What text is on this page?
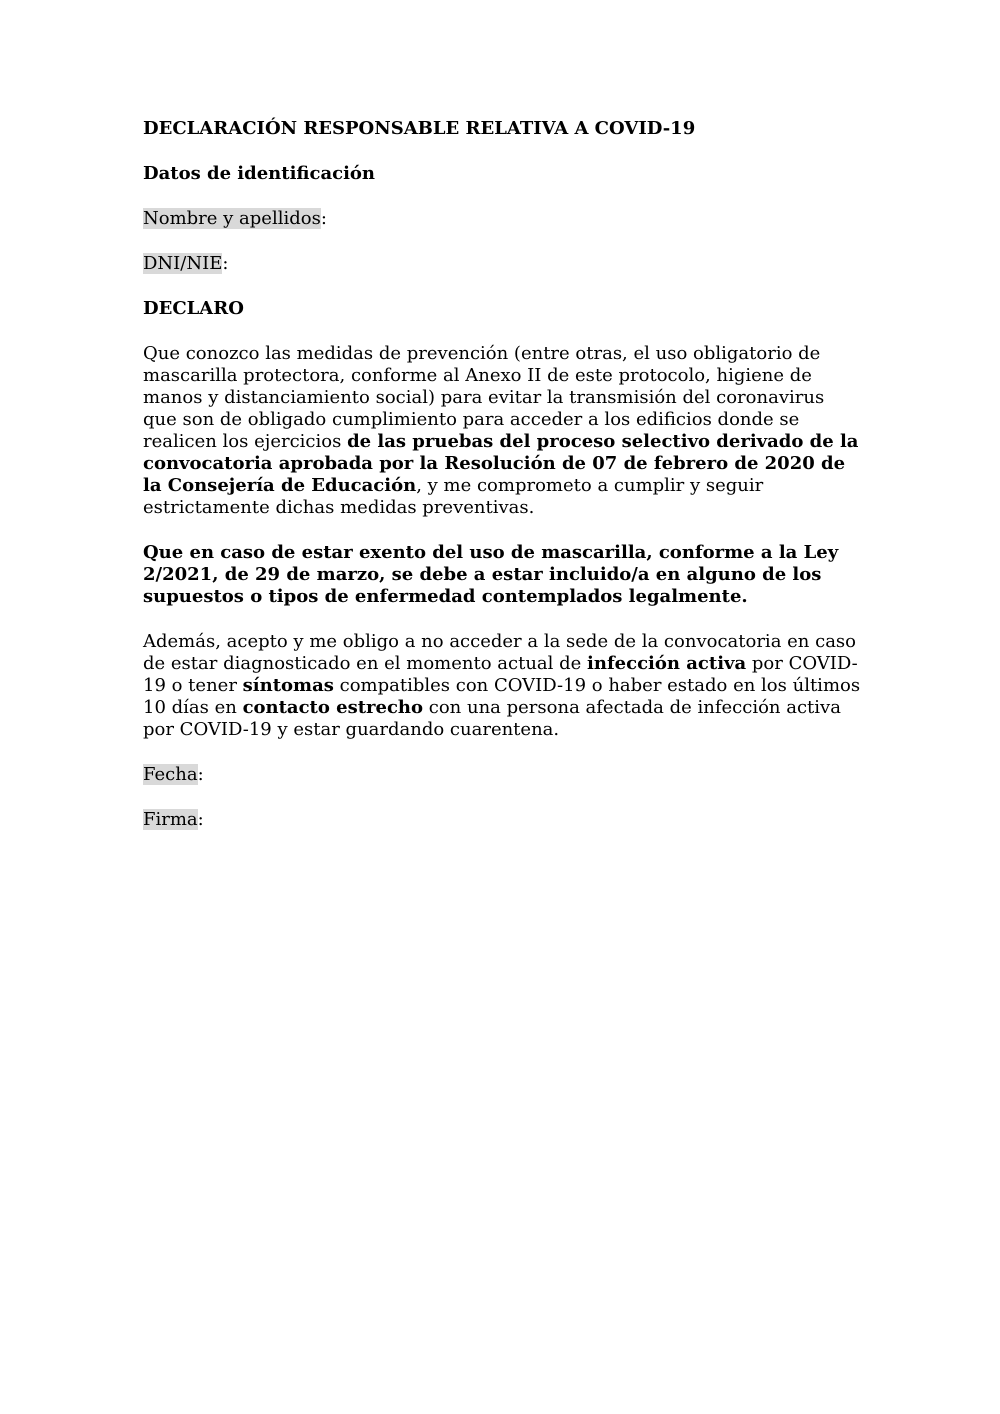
DECLARACIÓN RESPONSABLE RELATIVA A COVID-19
Datos de identificación
Nombre y apellidos:
DNI/NIE:
DECLARO
Que conozco las medidas de prevención (entre otras, el uso obligatorio de mascarilla protectora, conforme al Anexo II de este protocolo, higiene de manos y distanciamiento social) para evitar la transmisión del coronavirus que son de obligado cumplimiento para acceder a los edificios donde se realicen los ejercicios de las pruebas del proceso selectivo derivado de la convocatoria aprobada por la Resolución de 07 de febrero de 2020 de la Consejería de Educación, y me comprometo a cumplir y seguir estrictamente dichas medidas preventivas.
Que en caso de estar exento del uso de mascarilla, conforme a la Ley 2/2021, de 29 de marzo, se debe a estar incluido/a en alguno de los supuestos o tipos de enfermedad contemplados legalmente.
Además, acepto y me obligo a no acceder a la sede de la convocatoria en caso de estar diagnosticado en el momento actual de infección activa por COVID-19 o tener síntomas compatibles con COVID-19 o haber estado en los últimos 10 días en contacto estrecho con una persona afectada de infección activa por COVID-19 y estar guardando cuarentena.
Fecha:
Firma:
